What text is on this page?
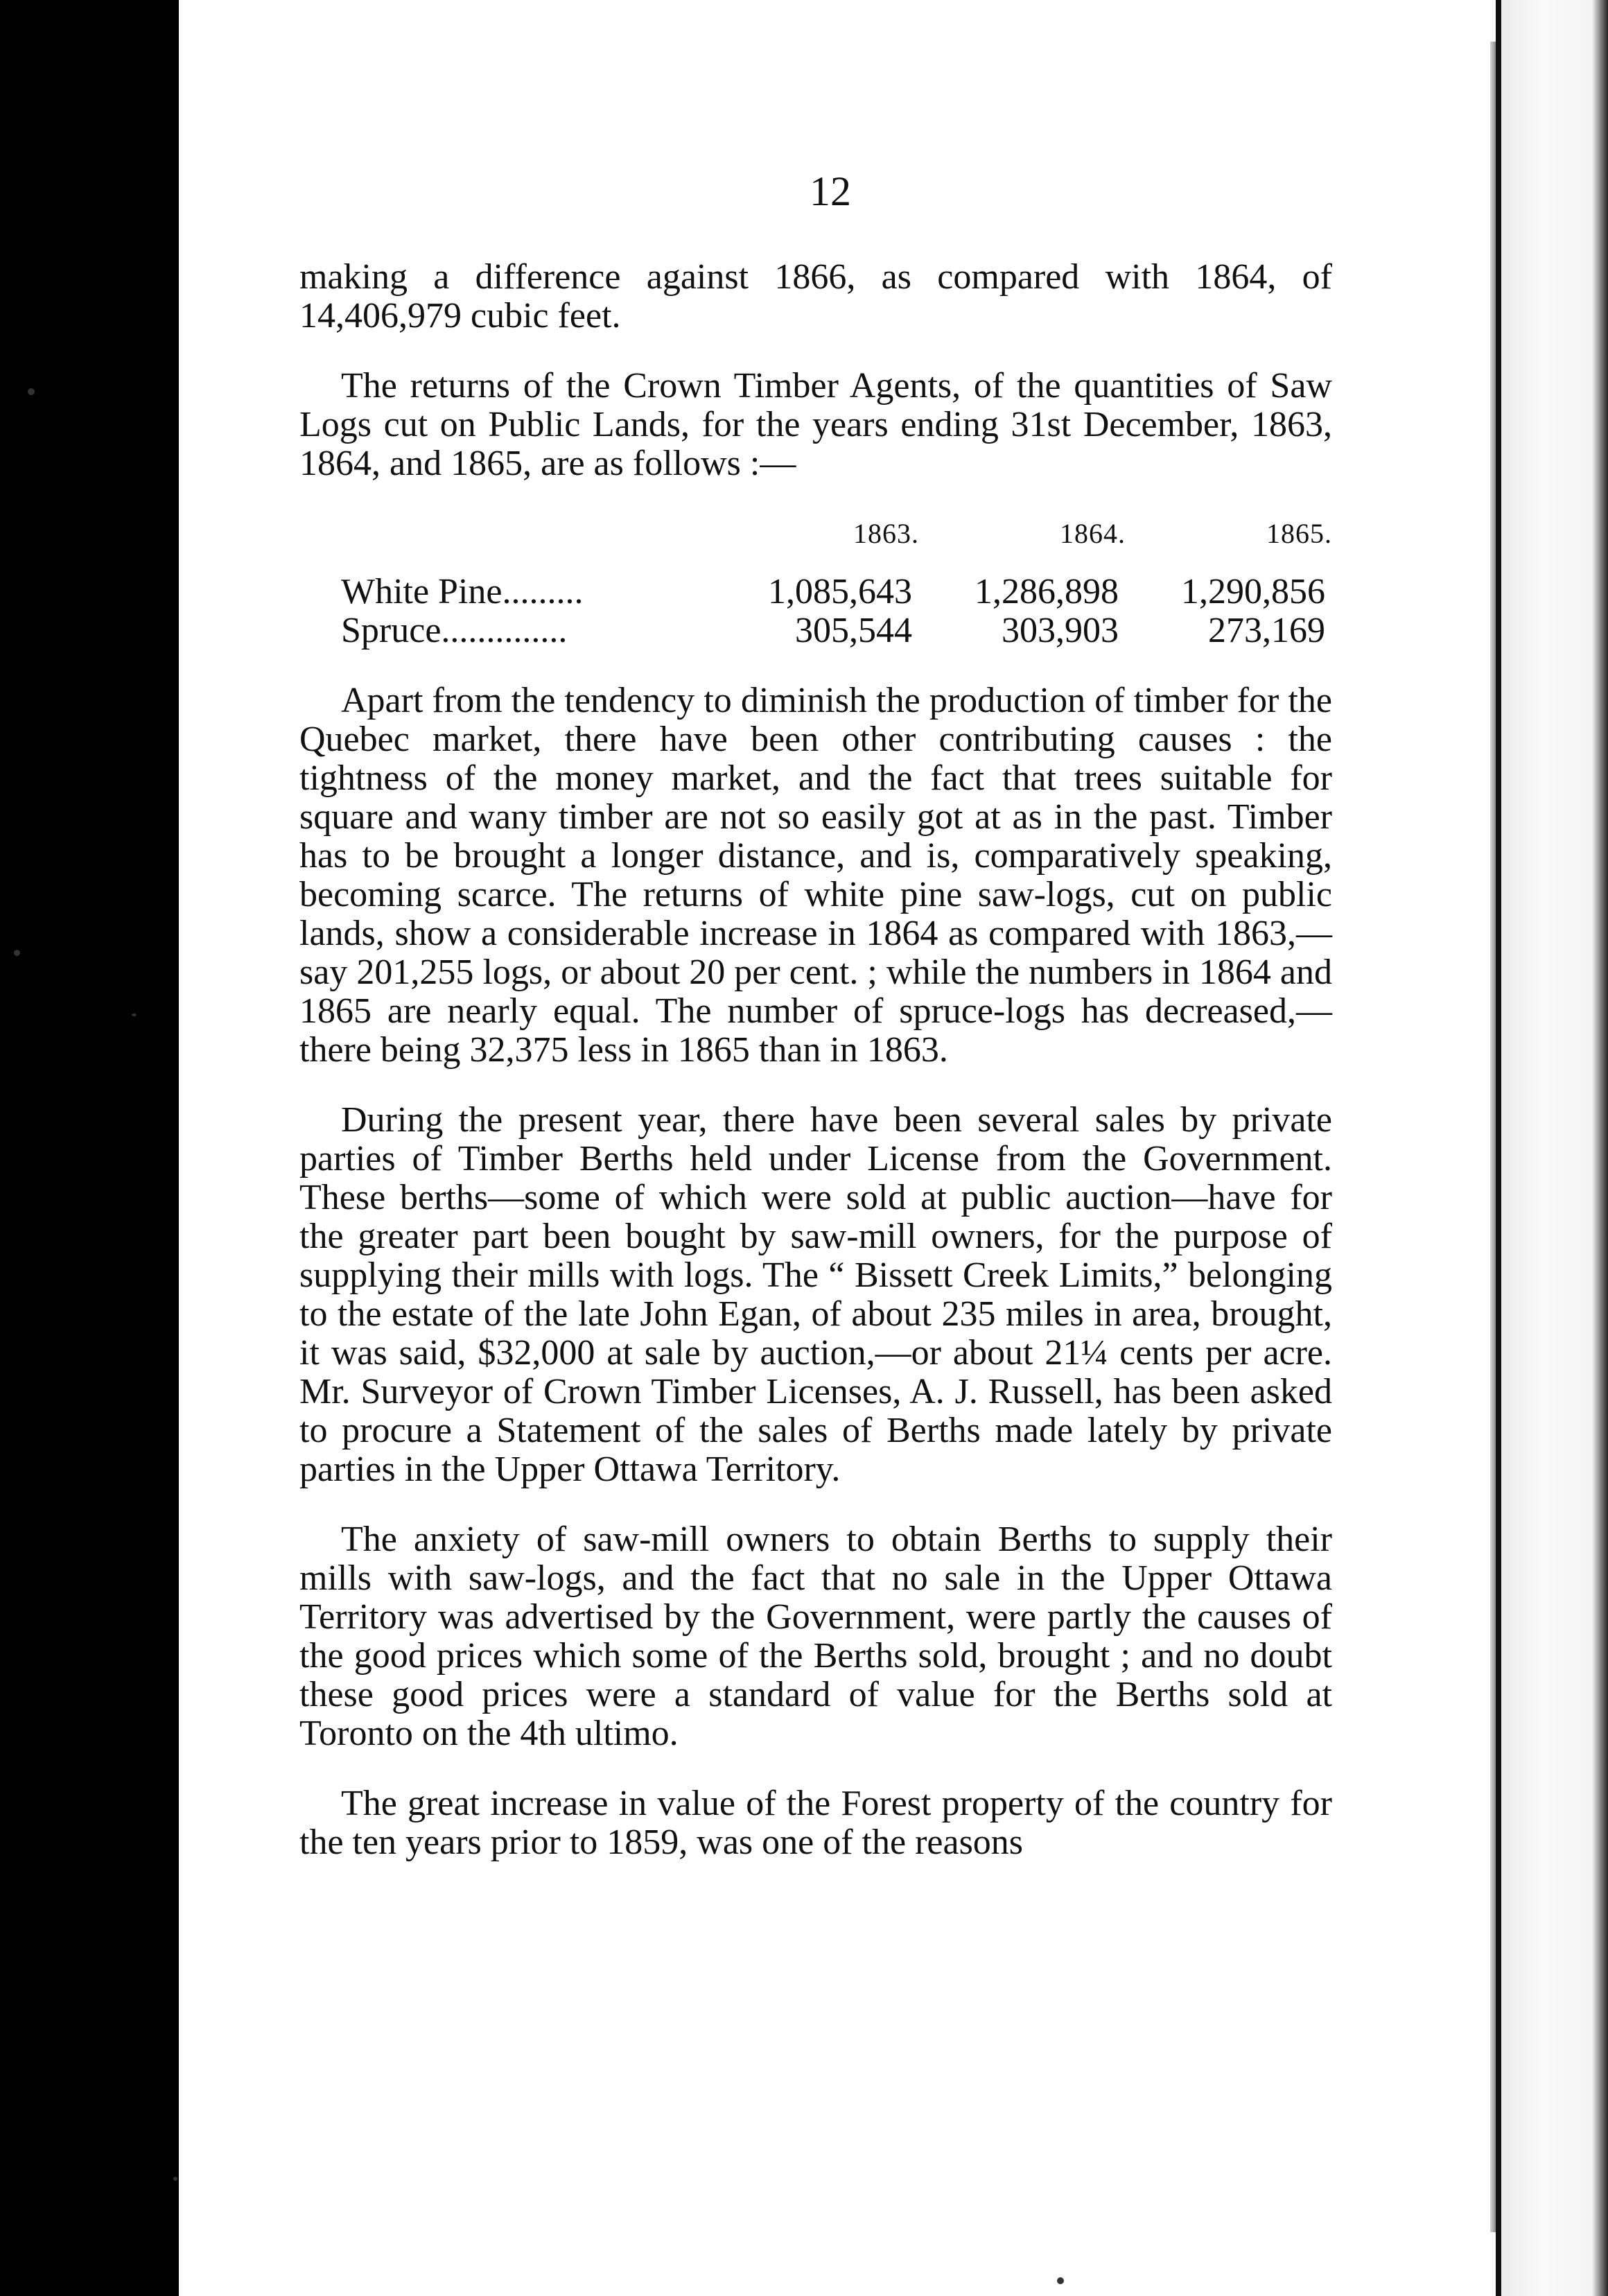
12

making a difference against 1866, as compared with 1864, of 14,406,979 cubic feet.

The returns of the Crown Timber Agents, of the quantities of Saw Logs cut on Public Lands, for the years ending 31st December, 1863, 1864, and 1865, are as follows :—

	1863.	1864.	1865.
White Pine.........	1,085,643	1,286,898	1,290,856
Spruce..............	305,544	303,903	273,169

Apart from the tendency to diminish the production of timber for the Quebec market, there have been other contributing causes : the tightness of the money market, and the fact that trees suitable for square and wany timber are not so easily got at as in the past. Timber has to be brought a longer distance, and is, comparatively speaking, becoming scarce. The returns of white pine saw-logs, cut on public lands, show a considerable increase in 1864 as compared with 1863,—say 201,255 logs, or about 20 per cent. ; while the numbers in 1864 and 1865 are nearly equal. The number of spruce-logs has decreased,—there being 32,375 less in 1865 than in 1863.

During the present year, there have been several sales by private parties of Timber Berths held under License from the Government. These berths—some of which were sold at public auction—have for the greater part been bought by saw-mill owners, for the purpose of supplying their mills with logs. The “ Bissett Creek Limits,” belonging to the estate of the late John Egan, of about 235 miles in area, brought, it was said, $32,000 at sale by auction,—or about 21¼ cents per acre. Mr. Surveyor of Crown Timber Licenses, A. J. Russell, has been asked to procure a Statement of the sales of Berths made lately by private parties in the Upper Ottawa Territory.

The anxiety of saw-mill owners to obtain Berths to supply their mills with saw-logs, and the fact that no sale in the Upper Ottawa Territory was advertised by the Government, were partly the causes of the good prices which some of the Berths sold, brought ; and no doubt these good prices were a standard of value for the Berths sold at Toronto on the 4th ultimo.

The great increase in value of the Forest property of the country for the ten years prior to 1859, was one of the reasons
